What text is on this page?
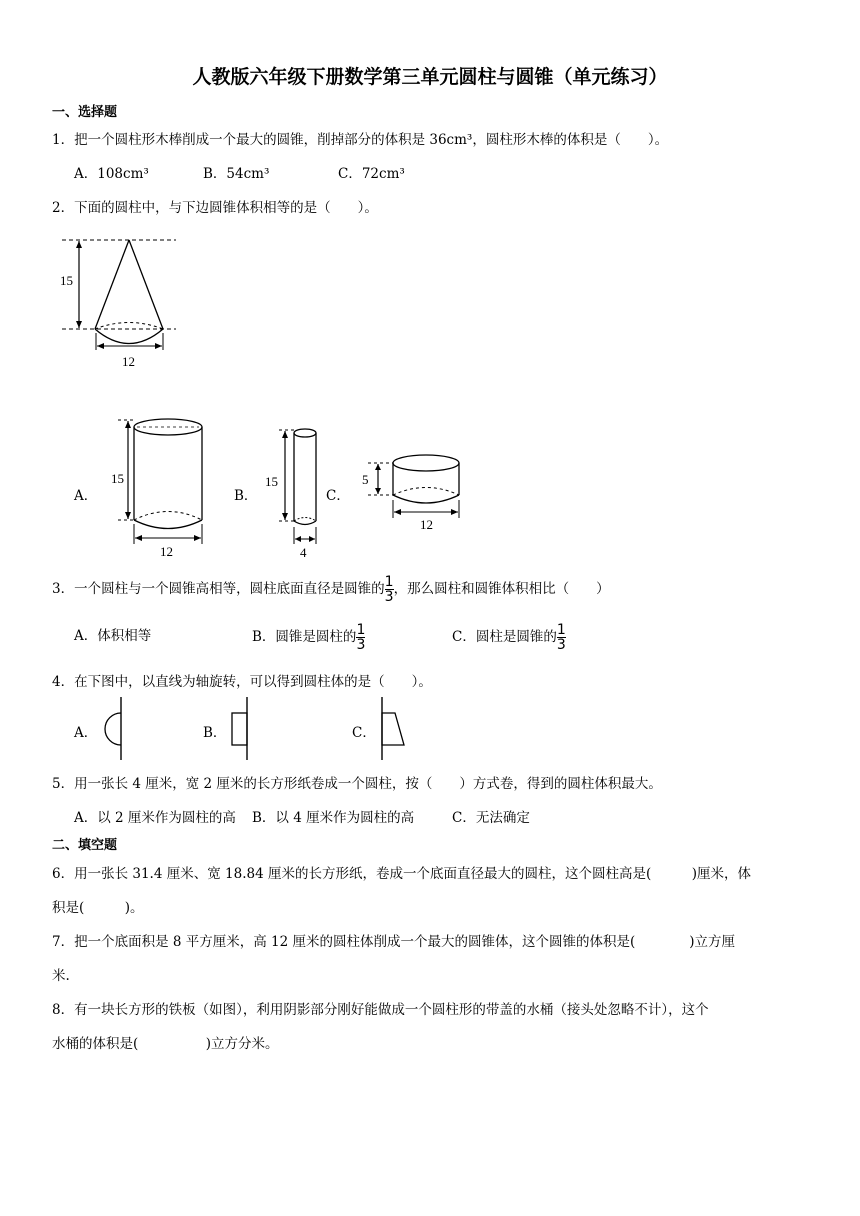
人教版六年级下册数学第三单元圆柱与圆锥（单元练习）
一、选择题
1．把一个圆柱形木棒削成一个最大的圆锥，削掉部分的体积是 36cm³，圆柱形木棒的体积是（　　）。
A．108cm³	B．54cm³	C．72cm³
2．下面的圆柱中，与下边圆锥体积相等的是（　　）。
15
12
A．	B．	C．
15
12
15
4
5
12
3．一个圆柱与一个圆锥高相等，圆柱底面直径是圆锥的 $\frac{1}{3}$ ，那么圆柱和圆锥体积相比（　　）
A．体积相等	B．圆锥是圆柱的 $\frac{1}{3}$	C．圆柱是圆锥的 $\frac{1}{3}$
4．在下图中，以直线为轴旋转，可以得到圆柱体的是（　　）。
A．	B．	C．
5．用一张长 4 厘米，宽 2 厘米的长方形纸卷成一个圆柱，按（　　）方式卷，得到的圆柱体积最大。
A．以 2 厘米作为圆柱的高 B．以 4 厘米作为圆柱的高	C．无法确定
二、填空题
6．用一张长 31.4 厘米、宽 18.84 厘米的长方形纸，卷成一个底面直径最大的圆柱，这个圆柱高是(　　　)厘米，体
积是(　　　)。
7．把一个底面积是 8 平方厘米，高 12 厘米的圆柱体削成一个最大的圆锥体，这个圆锥的体积是(　　　　)立方厘
米.
8．有一块长方形的铁板（如图），利用阴影部分刚好能做成一个圆柱形的带盖的水桶（接头处忽略不计），这个
水桶的体积是(　　　　　)立方分米。
